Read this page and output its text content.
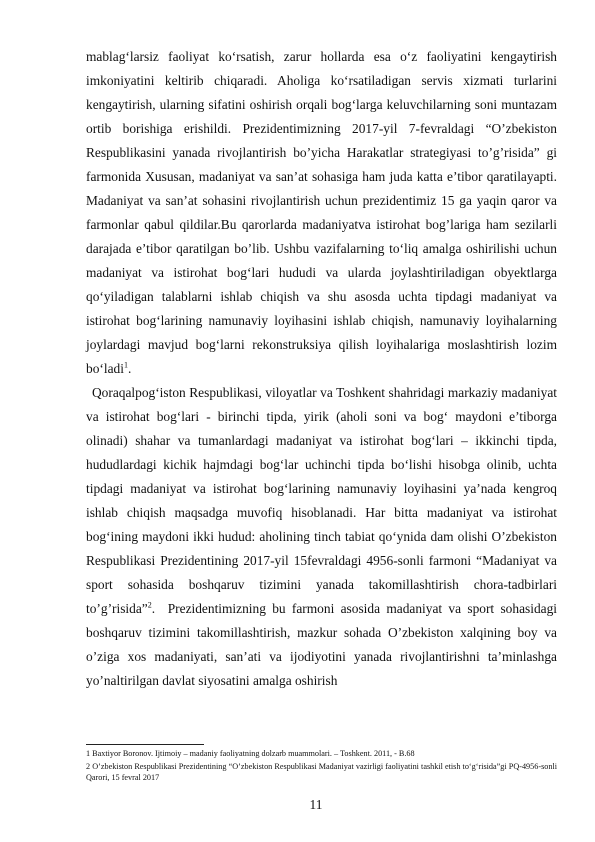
mablag‘larsiz faoliyat ko‘rsatish, zarur hollarda esa o‘z faoliyatini kengaytirish imkoniyatini keltirib chiqaradi. Aholiga ko‘rsatiladigan servis xizmati turlarini kengaytirish, ularning sifatini oshirish orqali bog‘larga keluvchilarning soni muntazam ortib borishiga erishildi. Prezidentimizning 2017-yil 7-fevraldagi “O’zbekiston Respublikasini yanada rivojlantirish bo’yicha Harakatlar strategiyasi to’g’risida” gi farmonida Xususan, madaniyat va san’at sohasiga ham juda katta e’tibor qaratilayapti. Madaniyat va san’at sohasini rivojlantirish uchun prezidentimiz 15 ga yaqin qaror va farmonlar qabul qildilar.Bu qarorlarda madaniyatva istirohat bog’lariga ham sezilarli darajada e’tibor qaratilgan bo’lib. Ushbu vazifalarning to‘liq amalga oshirilishi uchun madaniyat va istirohat bog‘lari hududi va ularda joylashtiriladigan obyektlarga qo‘yiladigan talablarni ishlab chiqish va shu asosda uchta tipdagi madaniyat va istirohat bog‘larining namunaviy loyihasini ishlab chiqish, namunaviy loyihalarning joylardagi mavjud bog‘larni rekonstruksiya qilish loyihalariga moslashtirish lozim bo‘ladi$^1$.

Qoraqalpog‘iston Respublikasi, viloyatlar va Toshkent shahridagi markaziy madaniyat va istirohat bog‘lari - birinchi tipda, yirik (aholi soni va bog‘ maydoni e’tiborga olinadi) shahar va tumanlardagi madaniyat va istirohat bog‘lari – ikkinchi tipda, hududlardagi kichik hajmdagi bog‘lar uchinchi tipda bo‘lishi hisobga olinib, uchta tipdagi madaniyat va istirohat bog‘larining namunaviy loyihasini ya’nada kengroq ishlab chiqish maqsadga muvofiq hisoblanadi. Har bitta madaniyat va istirohat bog‘ining maydoni ikki hudud: aholining tinch tabiat qo‘ynida dam olishi O’zbekiston Respublikasi Prezidentining 2017-yil 15fevraldagi 4956-sonli farmoni “Madaniyat va sport sohasida boshqaruv tizimini yanada takomillashtirish chora-tadbirlari to’g’risida”$^2$. Prezidentimizning bu farmoni asosida madaniyat va sport sohasidagi boshqaruv tizimini takomillashtirish, mazkur sohada O’zbekiston xalqining boy va o’ziga xos madaniyati, san’ati va ijodiyotini yanada rivojlantirishni ta’minlashga yo’naltirilgan davlat siyosatini amalga oshirish

1 Baxtiyor Boronov. Ijtimoiy – madaniy faoliyatning dolzarb muammolari. – Toshkent. 2011, - B.68

2 O’zbekiston Respublikasi Prezidentining “O’zbekiston Respublikasi Madaniyat vazirligi faoliyatini tashkil etish to‘g‘risida”gi PQ-4956-sonli Qarori, 15 fevral 2017

11
